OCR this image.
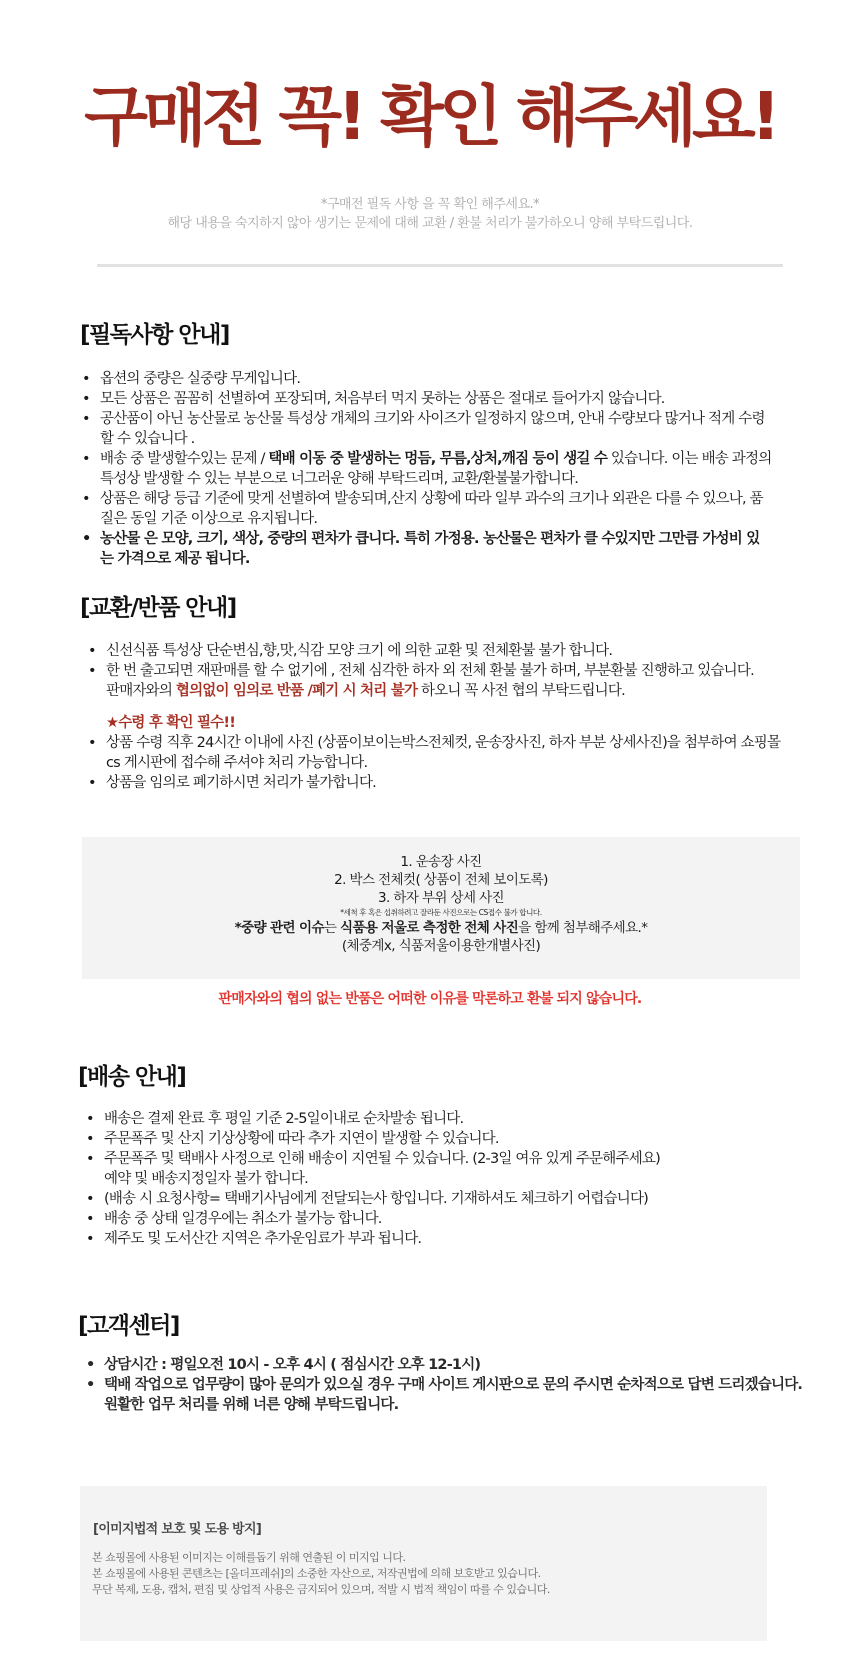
구매전 꼭! 확인 해주세요!
*구매전 필독 사항 을 꼭 확인 해주세요.*
해당 내용을 숙지하지 않아 생기는 문제에 대해 교환 / 환불 처리가 불가하오니 양해 부탁드립니다.
[필독사항 안내]
• 옵션의 중량은 실중량 무게입니다.
• 모든 상품은 꼼꼼히 선별하여 포장되며, 처음부터 먹지 못하는 상품은 절대로 들어가지 않습니다.
• 공산품이 아닌 농산물로 농산물 특성상 개체의 크기와 사이즈가 일정하지 않으며, 안내 수량보다 많거나 적게 수령할 수 있습니다 .
• 배송 중 발생할수있는 문제 / 택배 이동 중 발생하는 멍듬, 무름,상처,깨짐 등이 생길 수 있습니다. 이는 배송 과정의 특성상 발생할 수 있는 부분으로 너그러운 양해 부탁드리며, 교환/환불불가합니다.
• 상품은 해당 등급 기준에 맞게 선별하여 발송되며,산지 상황에 따라 일부 과수의 크기나 외관은 다를 수 있으나, 품질은 동일 기준 이상으로 유지됩니다.
• 농산물 은 모양, 크기, 색상, 중량의 편차가 큽니다. 특히 가정용. 농산물은 편차가 클 수있지만 그만큼 가성비 있는 가격으로 제공 됩니다.
[교환/반품 안내]
• 신선식품 특성상 단순변심,향,맛,식감 모양 크기 에 의한 교환 및 전체환불 불가 합니다.
• 한 번 출고되면 재판매를 할 수 없기에 , 전체 심각한 하자 외 전체 환불 불가 하며, 부분환불 진행하고 있습니다.
판매자와의 협의없이 임의로 반품 /폐기 시 처리 불가 하오니 꼭 사전 협의 부탁드립니다.
★수령 후 확인 필수!!
• 상품 수령 직후 24시간 이내에 사진 (상품이보이는박스전체컷, 운송장사진, 하자 부분 상세사진)을 첨부하여 쇼핑몰 cs 게시판에 접수해 주셔야 처리 가능합니다.
• 상품을 임의로 폐기하시면 처리가 불가합니다.
1. 운송장 사진
2. 박스 전체컷( 상품이 전체 보이도록)
3. 하자 부위 상세 사진
*세척 후 혹은 섭취하려고 잘라둔 사진으로는 CS접수 불가 합니다.
*중량 관련 이슈는 식품용 저울로 측정한 전체 사진을 함께 첨부해주세요.*
(체중계x, 식품저울이용한개별사진)
판매자와의 협의 없는 반품은 어떠한 이유를 막론하고 환불 되지 않습니다.
[배송 안내]
• 배송은 결제 완료 후 평일 기준 2-5일이내로 순차발송 됩니다.
• 주문폭주 및 산지 기상상황에 따라 추가 지연이 발생할 수 있습니다.
• 주문폭주 및 택배사 사정으로 인해 배송이 지연될 수 있습니다. (2-3일 여유 있게 주문해주세요)
예약 및 배송지정일자 불가 합니다.
• (배송 시 요청사항= 택배기사님에게 전달되는사 항입니다. 기재하셔도 체크하기 어렵습니다)
• 배송 중 상태 일경우에는 취소가 불가능 합니다.
• 제주도 및 도서산간 지역은 추가운임료가 부과 됩니다.
[고객센터]
• 상담시간 : 평일오전 10시 - 오후 4시 ( 점심시간 오후 12-1시)
• 택배 작업으로 업무량이 많아 문의가 있으실 경우 구매 사이트 게시판으로 문의 주시면 순차적으로 답변 드리겠습니다.
원활한 업무 처리를 위해 너른 양해 부탁드립니다.
[이미지법적 보호 및 도용 방지]
본 쇼핑몰에 사용된 이미지는 이해를돕기 위해 연출된 이 미지입 니다.
본 쇼핑몰에 사용된 콘텐츠는 [올더프레쉬]의 소중한 자산으로, 저작권법에 의해 보호받고 있습니다.
무단 복제, 도용, 캡처, 편집 및 상업적 사용은 금지되어 있으며, 적발 시 법적 책임이 따를 수 있습니다.
